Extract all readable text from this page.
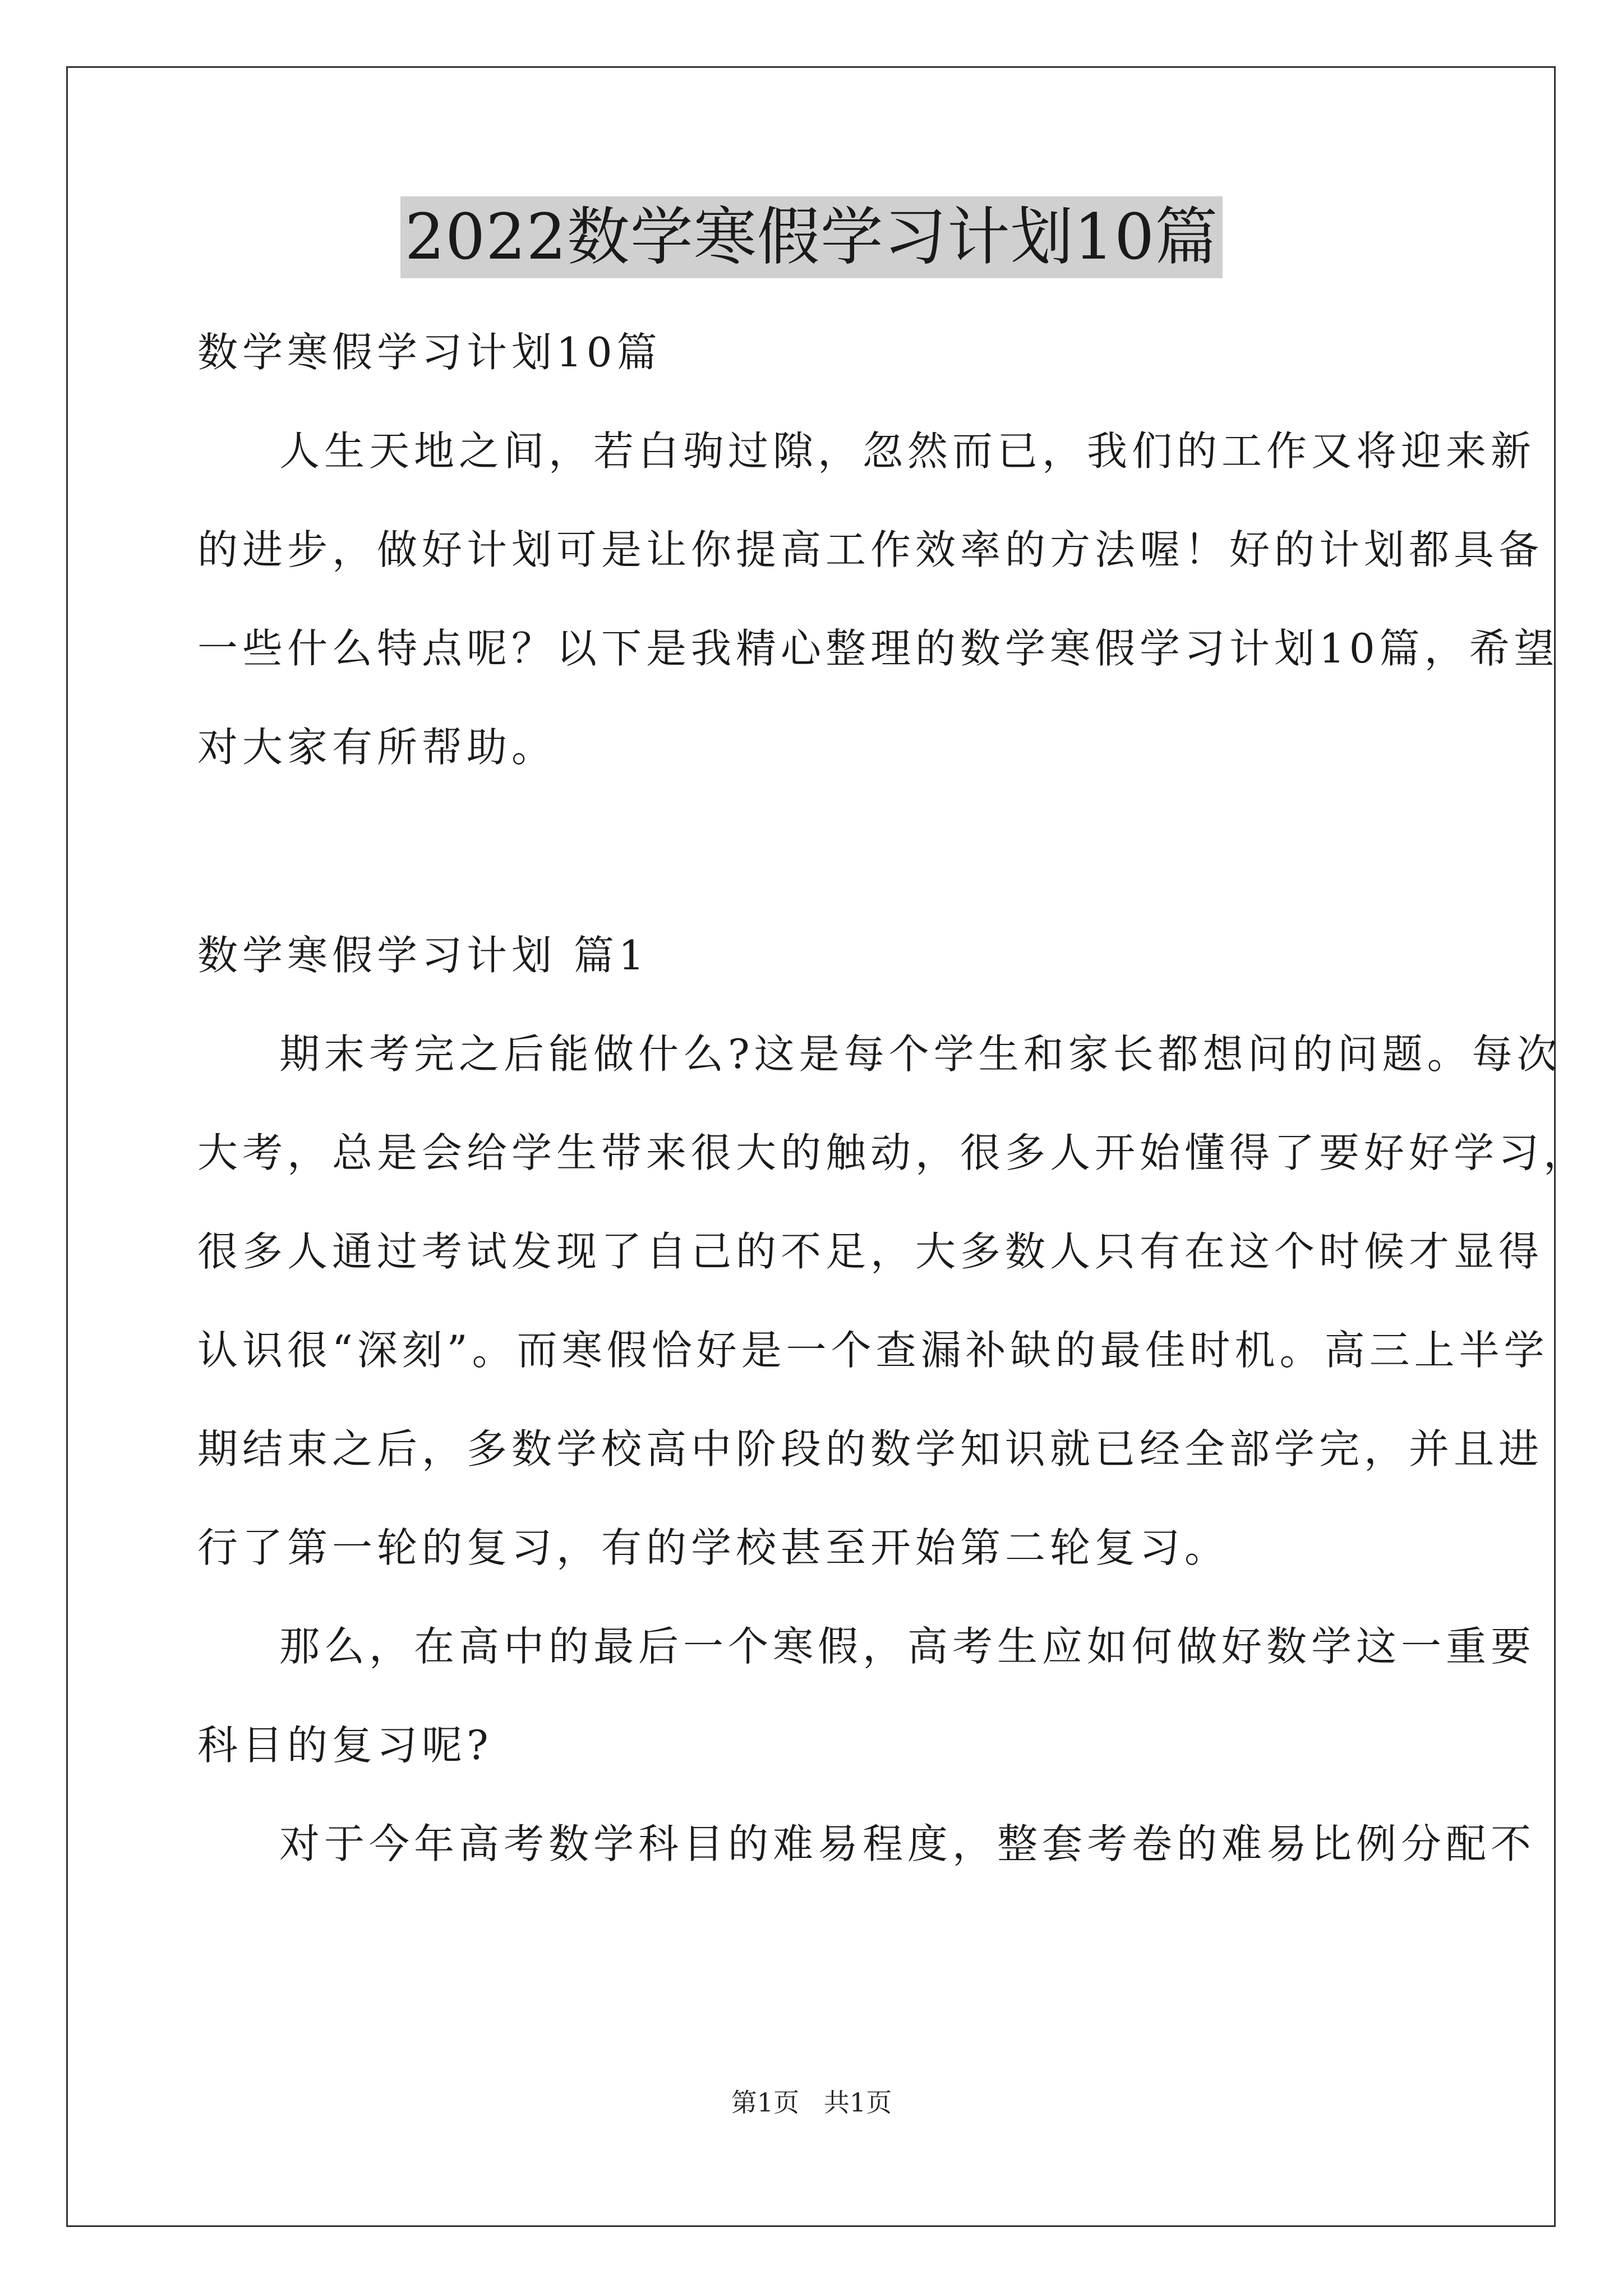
2022数学寒假学习计划10篇
数学寒假学习计划10篇
人生天地之间，若白驹过隙，忽然而已，我们的工作又将迎来新
的进步，做好计划可是让你提高工作效率的方法喔！好的计划都具备
一些什么特点呢？以下是我精心整理的数学寒假学习计划10篇，希望
对大家有所帮助。
数学寒假学习计划 篇1
期末考完之后能做什么?这是每个学生和家长都想问的问题。每次
大考，总是会给学生带来很大的触动，很多人开始懂得了要好好学习，
很多人通过考试发现了自己的不足，大多数人只有在这个时候才显得
认识很“深刻”。而寒假恰好是一个查漏补缺的最佳时机。高三上半学
期结束之后，多数学校高中阶段的数学知识就已经全部学完，并且进
行了第一轮的复习，有的学校甚至开始第二轮复习。
那么，在高中的最后一个寒假，高考生应如何做好数学这一重要
科目的复习呢?
对于今年高考数学科目的难易程度，整套考卷的难易比例分配不
第1页   共1页
